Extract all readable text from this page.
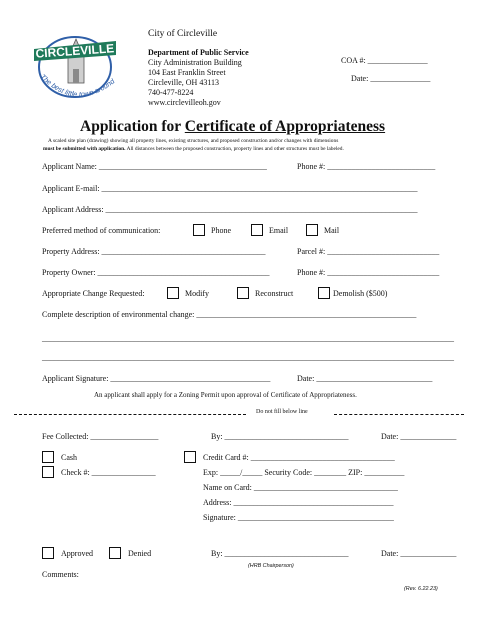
CIRCLEVILLE
The best little town around
City of Circleville
Department of Public Service
City Administration Building
104 East Franklin Street
Circleville, OH 43113
740-477-8224
www.circlevilleoh.gov
COA #: _______________
Date: _______________
Application for Certificate of Appropriateness
A scaled site plan (drawing) showing all property lines, existing structures, and proposed construction and/or changes with dimensions
must be submitted with application. All distances between the proposed construction, property lines and other structures must be labeled.
Applicant Name: __________________________________________	Phone #: ___________________________
Applicant E-mail: _______________________________________________________________________________
Applicant Address: ______________________________________________________________________________
Preferred method of communication:	Phone	Email	Mail
Property Address: _________________________________________	Parcel #: ____________________________
Property Owner: ___________________________________________	Phone #: ____________________________
Appropriate Change Requested:	Modify	Reconstruct	Demolish ($500)
Complete description of environmental change: _______________________________________________________
_______________________________________________________________________________________________________
_______________________________________________________________________________________________________
Applicant Signature: ________________________________________	Date: _____________________________
An applicant shall apply for a Zoning Permit upon approval of Certificate of Appropriateness.
Do not fill below line
Fee Collected: _________________	By: _______________________________	Date: ______________
Cash
Check #: ________________
Credit Card #: ____________________________________
Exp: _____/_____ Security Code: ________ ZIP: __________
Name on Card: ____________________________________
Address: ________________________________________
Signature: _______________________________________
Approved	Denied	By: _______________________________	Date: ______________
(HRB Chairperson)
Comments:
(Rev. 6.22.23)
